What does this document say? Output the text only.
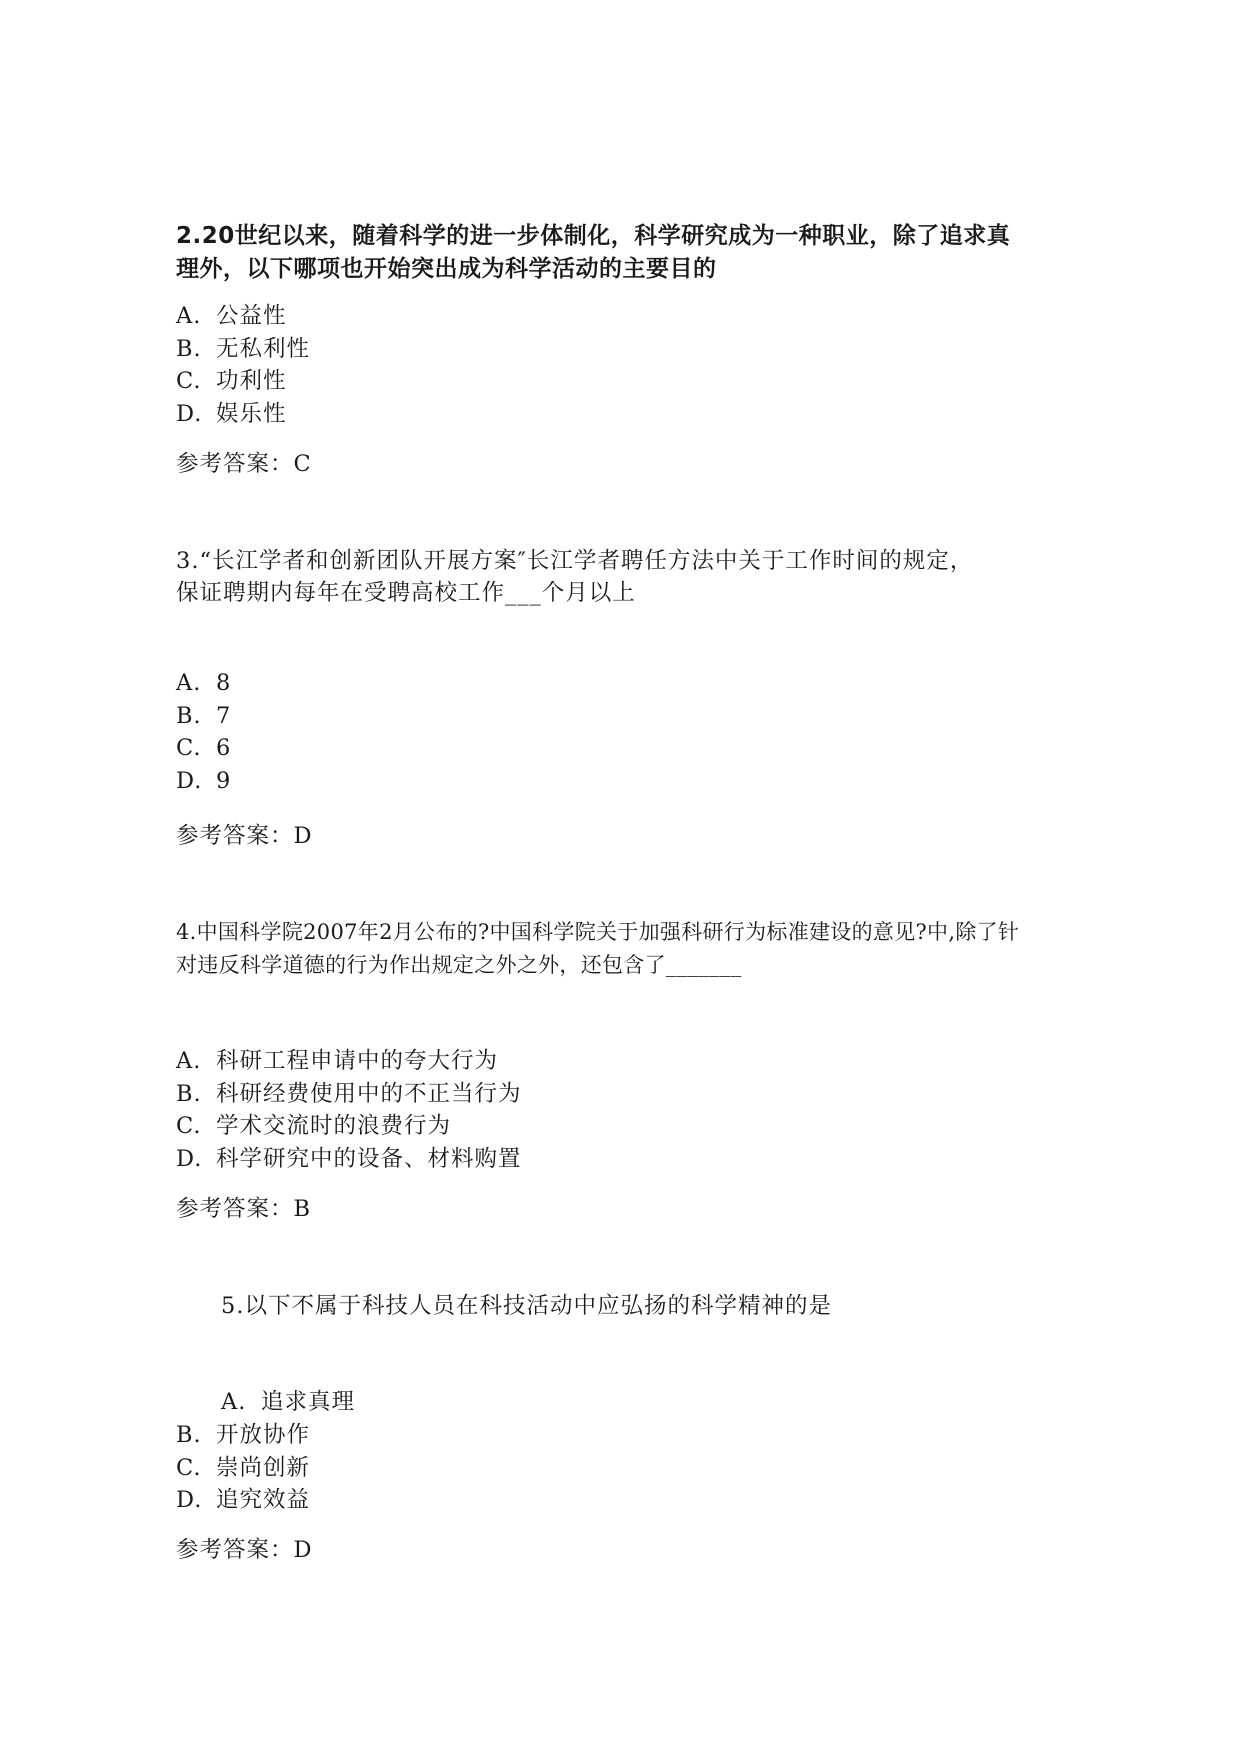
2.20世纪以来，随着科学的进一步体制化，科学研究成为一种职业，除了追求真

理外，以下哪项也开始突出成为科学活动的主要目的

A. 公益性
B. 无私利性
C. 功利性
D. 娱乐性

参考答案：C

3.“长江学者和创新团队开展方案″长江学者聘任方法中关于工作时间的规定，

保证聘期内每年在受聘高校工作___个月以上

A. 8
B. 7
C. 6
D. 9

参考答案：D

4.中国科学院2007年2月公布的?中国科学院关于加强科研行为标准建设的意见?中,除了针

对违反科学道德的行为作出规定之外之外，还包含了_______

A. 科研工程申请中的夸大行为
B. 科研经费使用中的不正当行为
C. 学术交流时的浪费行为
D. 科学研究中的设备、材料购置

参考答案：B

5.以下不属于科技人员在科技活动中应弘扬的科学精神的是

A. 追求真理
B. 开放协作
C. 崇尚创新
D. 追究效益

参考答案：D
